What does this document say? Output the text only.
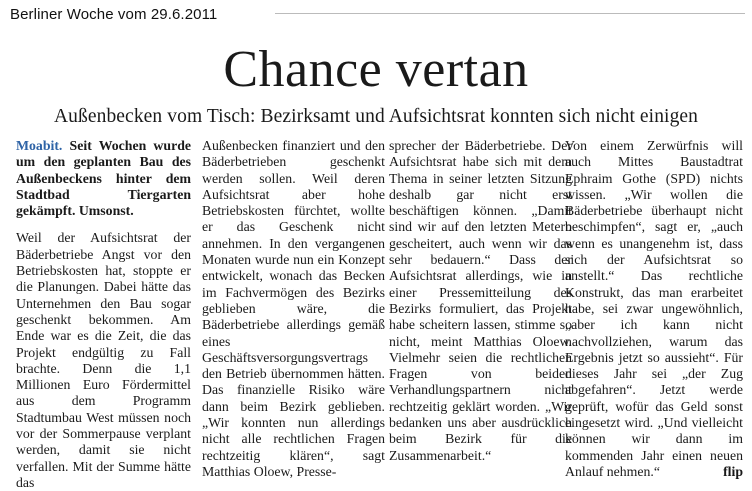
Berliner Woche vom 29.6.2011
Chance vertan
Außenbecken vom Tisch: Bezirksamt und Aufsichtsrat konnten sich nicht einigen

Moabit. Seit Wochen wurde um den geplanten Bau des Außenbeckens hinter dem Stadtbad Tiergarten gekämpft. Umsonst.

Weil der Aufsichtsrat der Bäderbetriebe Angst vor den Betriebskosten hat, stoppte er die Planungen. Dabei hätte das Unternehmen den Bau sogar geschenkt bekommen. Am Ende war es die Zeit, die das Projekt endgültig zu Fall brachte. Denn die 1,1 Millionen Euro Fördermittel aus dem Programm Stadtumbau West müssen noch vor der Sommerpause verplant werden, damit sie nicht verfallen. Mit der Summe hätte das

Außenbecken finanziert und den Bäderbetrieben geschenkt werden sollen. Weil deren Aufsichtsrat aber hohe Betriebskosten fürchtet, wollte er das Geschenk nicht annehmen. In den vergangenen Monaten wurde nun ein Konzept entwickelt, wonach das Becken im Fachvermögen des Bezirks geblieben wäre, die Bäderbetriebe allerdings gemäß eines Geschäftsversorgungsvertrags den Betrieb übernommen hätten. Das finanzielle Risiko wäre dann beim Bezirk geblieben. „Wir konnten nun allerdings nicht alle rechtlichen Fragen rechtzeitig klären“, sagt Matthias Oloew, Presse-

sprecher der Bäderbetriebe. Der Aufsichtsrat habe sich mit dem Thema in seiner letzten Sitzung deshalb gar nicht erst beschäftigen können. „Damit sind wir auf den letzten Metern gescheitert, auch wenn wir das sehr bedauern.“ Dass der Aufsichtsrat allerdings, wie in einer Pressemitteilung des Bezirks formuliert, das Projekt habe scheitern lassen, stimme so nicht, meint Matthias Oloew. Vielmehr seien die rechtlichen Fragen von beiden Verhandlungspartnern nicht rechtzeitig geklärt worden. „Wir bedanken uns aber ausdrücklich beim Bezirk für die Zusammenarbeit.“

Von einem Zerwürfnis will auch Mittes Baustadtrat Ephraim Gothe (SPD) nichts wissen. „Wir wollen die Bäderbetriebe überhaupt nicht beschimpfen“, sagt er, „auch wenn es unangenehm ist, dass sich der Aufsichtsrat so anstellt.“ Das rechtliche Konstrukt, das man erarbeitet habe, sei zwar ungewöhnlich, „aber ich kann nicht nachvollziehen, warum das Ergebnis jetzt so aussieht“. Für dieses Jahr sei „der Zug abgefahren“. Jetzt werde geprüft, wofür das Geld sonst eingesetzt wird. „Und vielleicht können wir dann im kommenden Jahr einen neuen Anlauf nehmen.“	flip
